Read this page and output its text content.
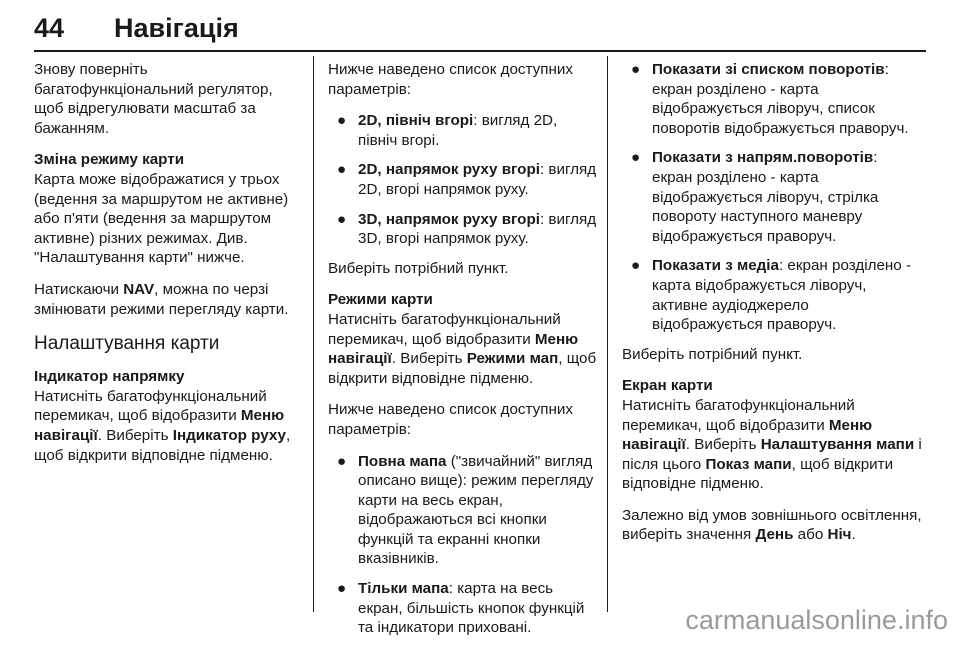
44 Навігація

Знову поверніть багатофункціональний регулятор, щоб відрегулювати масштаб за бажанням.

Зміна режиму карти

Карта може відображатися у трьох (ведення за маршрутом не активне) або п'яти (ведення за маршрутом активне) різних режимах. Див. "Налаштування карти" нижче.

Натискаючи NAV, можна по черзі змінювати режими перегляду карти.

Налаштування карти
Індикатор напрямку

Натисніть багатофункціональний перемикач, щоб відобразити Меню навігації. Виберіть Індикатор руху, щоб відкрити відповідне підменю.

Нижче наведено список доступних параметрів:

● 2D, північ вгорі: вигляд 2D, північ вгорі.
● 2D, напрямок руху вгорі: вигляд 2D, вгорі напрямок руху.
● 3D, напрямок руху вгорі: вигляд 3D, вгорі напрямок руху.

Виберіть потрібний пункт.

Режими карти

Натисніть багатофункціональний перемикач, щоб відобразити Меню навігації. Виберіть Режими мап, щоб відкрити відповідне підменю.

Нижче наведено список доступних параметрів:

● Повна мапа ("звичайний" вигляд описано вище): режим перегляду карти на весь екран, відображаються всі кнопки функцій та екранні кнопки вказівників.
● Тільки мапа: карта на весь екран, більшість кнопок функцій та індикатори приховані.
● Показати зі списком поворотів: екран розділено - карта відображується ліворуч, список поворотів відображується праворуч.
● Показати з напрям.поворотів: екран розділено - карта відображується ліворуч, стрілка повороту наступного маневру відображується праворуч.
● Показати з медіа: екран розділено - карта відображується ліворуч, активне аудіоджерело відображується праворуч.

Виберіть потрібний пункт.

Екран карти

Натисніть багатофункціональний перемикач, щоб відобразити Меню навігації. Виберіть Налаштування мапи і після цього Показ мапи, щоб відкрити відповідне підменю.

Залежно від умов зовнішнього освітлення, виберіть значення День або Ніч.

carmanualsonline.info
